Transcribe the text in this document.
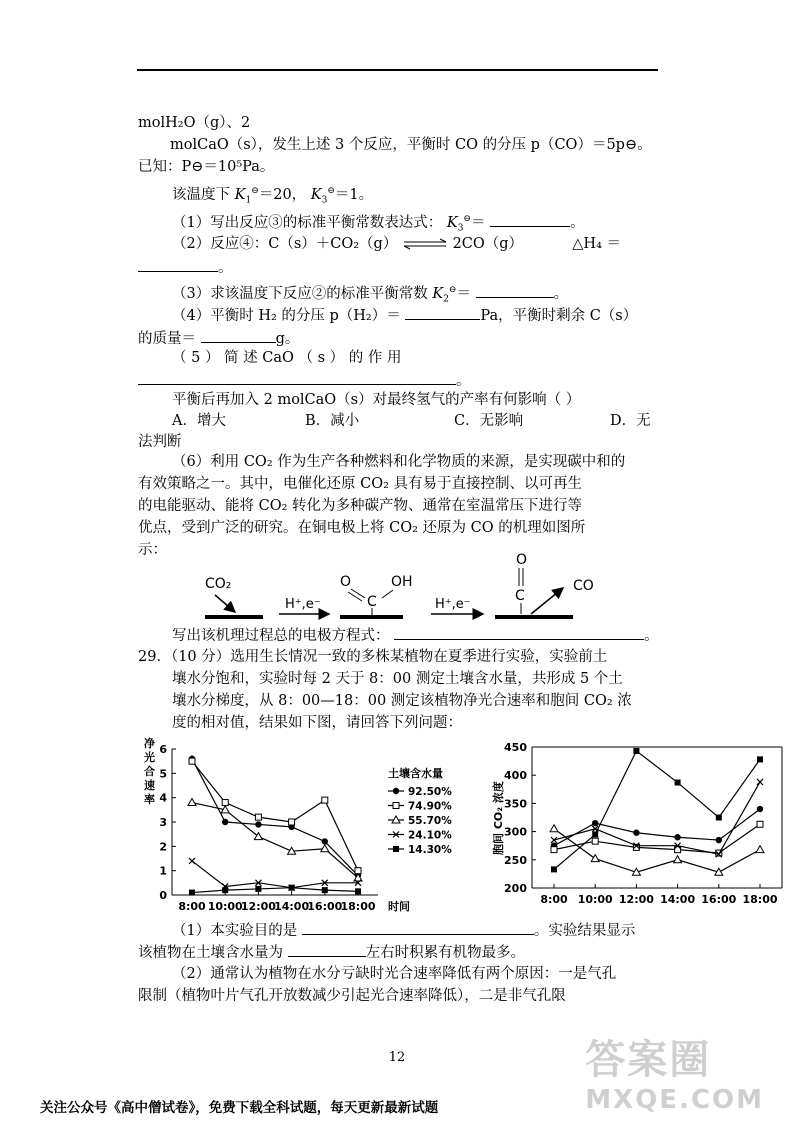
molH₂O（g）、2
molCaO（s），发生上述 3 个反应，平衡时 CO 的分压 p（CO）＝5p⊖。
已知：P⊖＝10⁵Pa。
该温度下 $K_1^⊖=20$， $K_3^⊖=1$。
（1）写出反应③的标准平衡常数表达式： $K_3^⊖=$	。
（2）反应④：C（s）＋CO₂（g） ⇌ 2CO（g）	△H₄ ＝
。
（3）求该温度下反应②的标准平衡常数 $K_2^⊖=$	。
（4）平衡时 H₂ 的分压 p（H₂）＝	Pa，平衡时剩余 C（s）
的质量＝	g。
（ 5 ） 简 述 CaO （ s ） 的 作 用
。
平衡后再加入 2 molCaO（s）对最终氢气的产率有何影响（ ）
A．增大	B．减小	C．无影响	D．无
法判断
（6）利用 CO₂ 作为生产各种燃料和化学物质的来源，是实现碳中和的
有效策略之一。其中，电催化还原 CO₂ 具有易于直接控制、以可再生
的电能驱动、能将 CO₂ 转化为多种碳产物、通常在室温常压下进行等
优点，受到广泛的研究。在铜电极上将 CO₂ 还原为 CO 的机理如图所
示：
CO₂
H⁺,e⁻
O	OH
C	H⁺,e⁻
O
C
CO
写出该机理过程总的电极方程式：	。
29．（10 分）选用生长情况一致的多株某植物在夏季进行实验，实验前土
壤水分饱和，实验时每 2 天于 8：00 测定土壤含水量，共形成 5 个土
壤水分梯度，从 8：00—18：00 测定该植物净光合速率和胞间 CO₂ 浓
度的相对值，结果如下图，请回答下列问题：
净光合速率
0
1
2
3
4
5
6
8:00 10:00
12:00
14:00
16:00
18:00 时间
土壤含水量
92.50%
74.90%
55.70%
24.10%
14.30%	胞间 CO₂ 浓度
200
250
300
350
400
450
8:00 10:00 12:00 14:00 16:00 18:00
（1）本实验目的是	。实验结果显示
该植物在土壤含水量为	左右时积累有机物最多。
（2）通常认为植物在水分亏缺时光合速率降低有两个原因：一是气孔
限制（植物叶片气孔开放数减少引起光合速率降低），二是非气孔限
12	答案圈
MXQE.COM
关注公众号《高中僧试卷》，免费下载全科试题，每天更新最新试题
